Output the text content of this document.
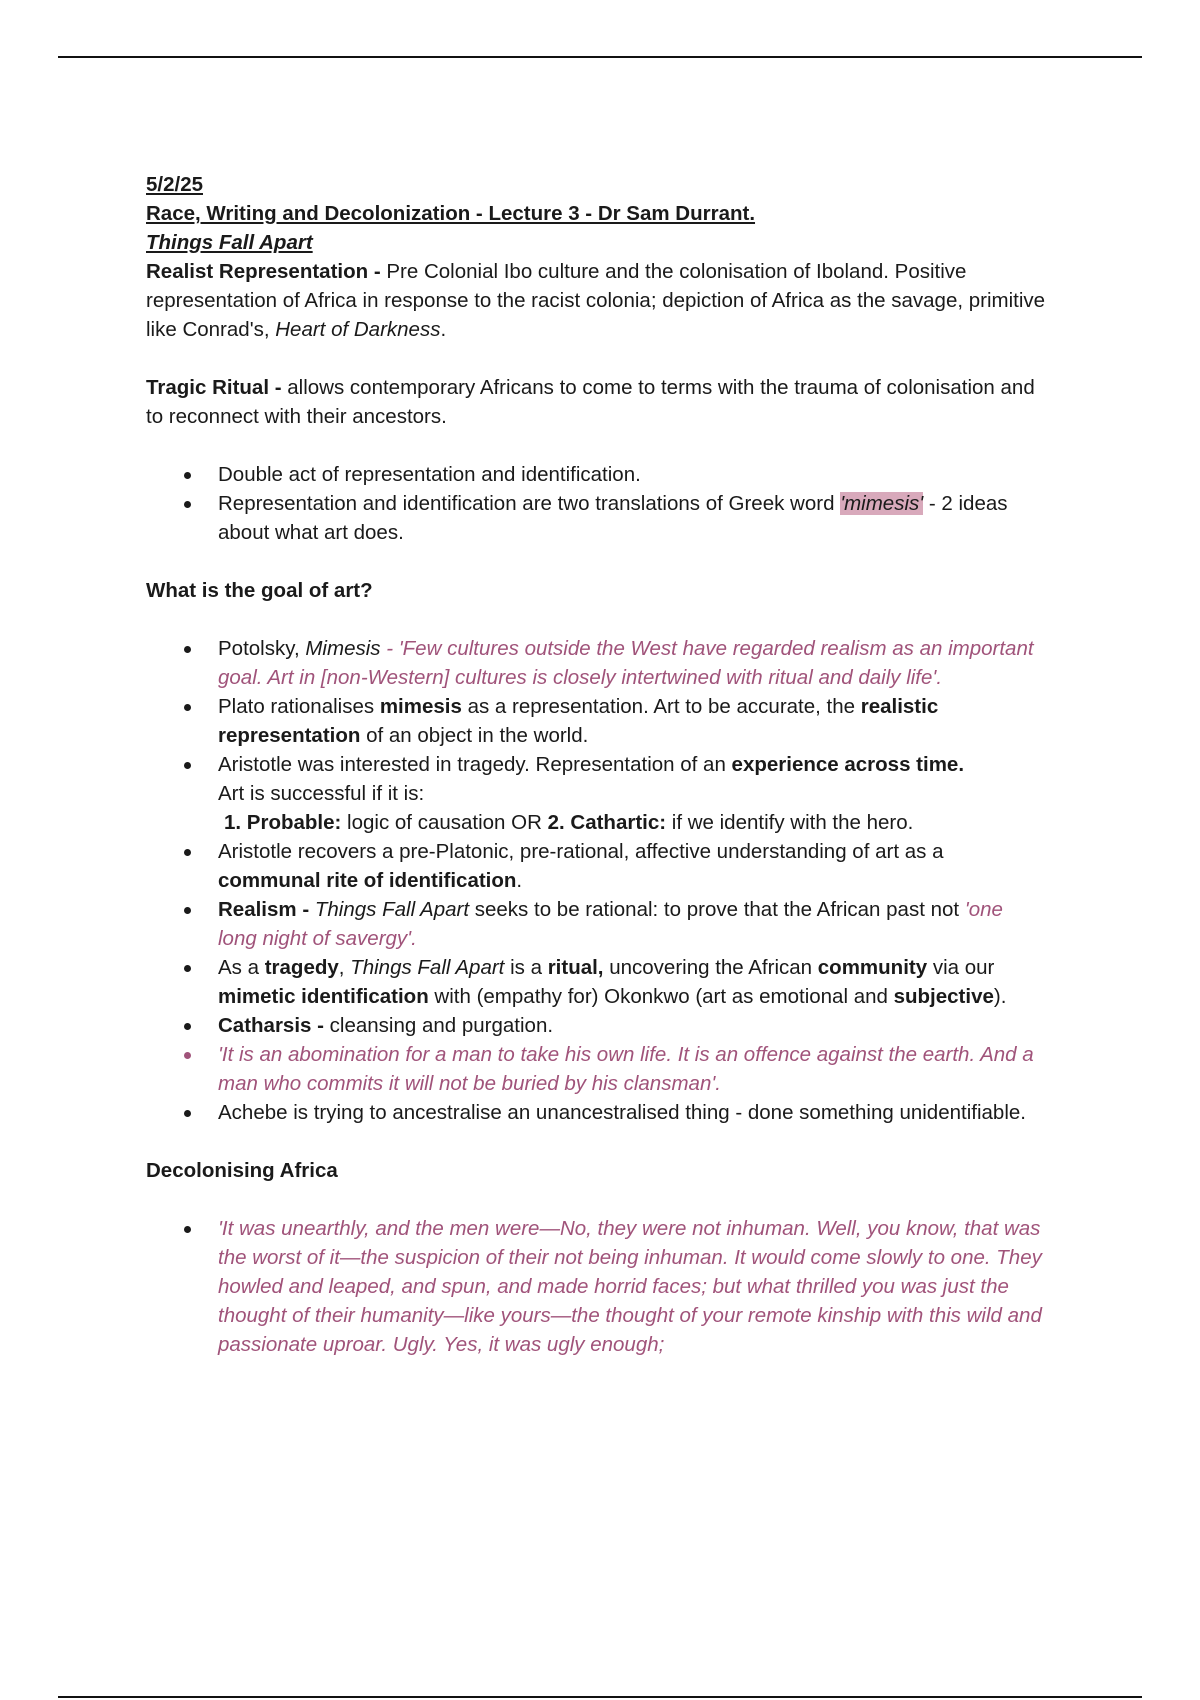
5/2/25

Race, Writing and Decolonization - Lecture 3 - Dr Sam Durrant.

Things Fall Apart

Realist Representation - Pre Colonial Ibo culture and the colonisation of Iboland. Positive representation of Africa in response to the racist colonia; depiction of Africa as the savage, primitive like Conrad's, Heart of Darkness.

Tragic Ritual - allows contemporary Africans to come to terms with the trauma of colonisation and to reconnect with their ancestors.

Double act of representation and identification.
Representation and identification are two translations of Greek word 'mimesis' - 2 ideas about what art does.

What is the goal of art?

Potolsky, Mimesis - 'Few cultures outside the West have regarded realism as an important goal. Art in [non-Western] cultures is closely intertwined with ritual and daily life'.
Plato rationalises mimesis as a representation. Art to be accurate, the realistic representation of an object in the world.
Aristotle was interested in tragedy. Representation of an experience across time.
Art is successful if it is:
1. Probable: logic of causation OR 2. Cathartic: if we identify with the hero.
Aristotle recovers a pre-Platonic, pre-rational, affective understanding of art as a communal rite of identification.
Realism - Things Fall Apart seeks to be rational: to prove that the African past not 'one long night of savergy'.
As a tragedy, Things Fall Apart is a ritual, uncovering the African community via our mimetic identification with (empathy for) Okonkwo (art as emotional and subjective).
Catharsis - cleansing and purgation.
'It is an abomination for a man to take his own life. It is an offence against the earth. And a man who commits it will not be buried by his clansman'.
Achebe is trying to ancestralise an unancestralised thing - done something unidentifiable.

Decolonising Africa

'It was unearthly, and the men were—No, they were not inhuman. Well, you know, that was the worst of it—the suspicion of their not being inhuman. It would come slowly to one. They howled and leaped, and spun, and made horrid faces; but what thrilled you was just the thought of their humanity—like yours—the thought of your remote kinship with this wild and passionate uproar. Ugly. Yes, it was ugly enough;
